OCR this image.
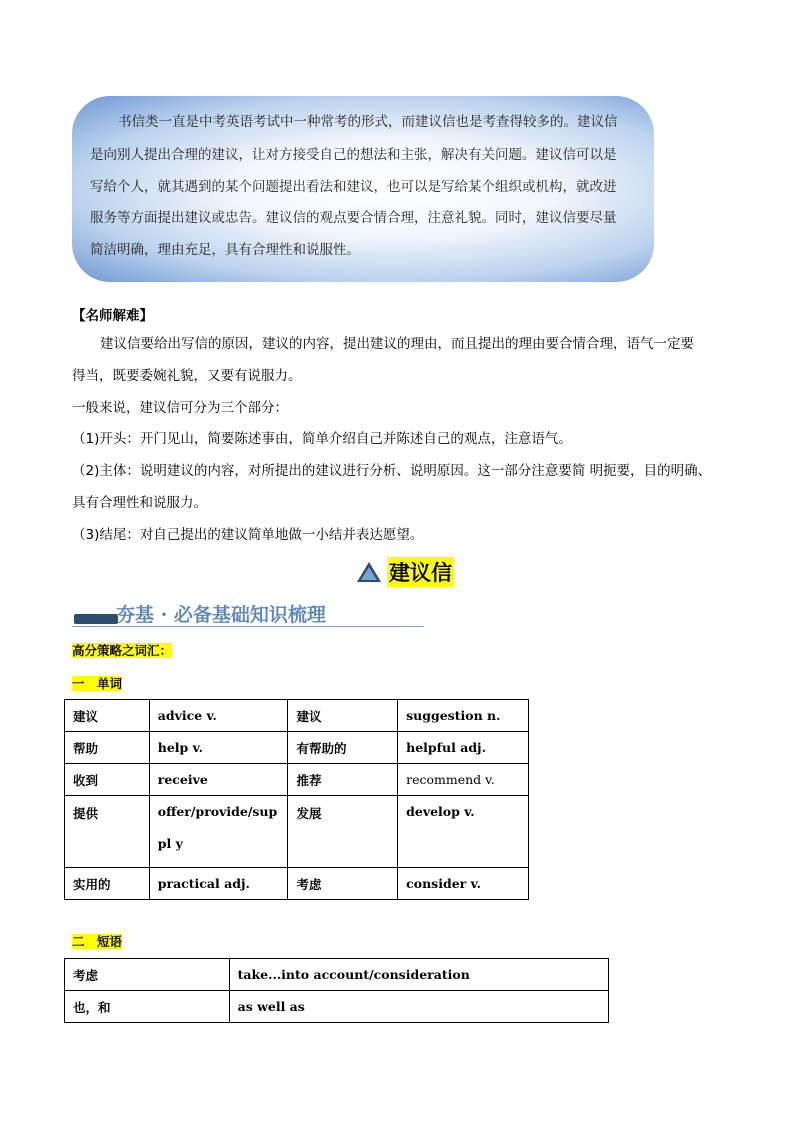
书信类一直是中考英语考试中一种常考的形式，而建议信也是考查得较多的。建议信
是向别人提出合理的建议，让对方接受自己的想法和主张，解决有关问题。建议信可以是
写给个人，就其遇到的某个问题提出看法和建议，也可以是写给某个组织或机构，就改进
服务等方面提出建议或忠告。建议信的观点要合情合理，注意礼貌。同时，建议信要尽量
简洁明确，理由充足，具有合理性和说服性。
【名师解难】
建议信要给出写信的原因，建议的内容，提出建议的理由，而且提出的理由要合情合理，语气一定要
得当，既要委婉礼貌，又要有说服力。
一般来说，建议信可分为三个部分：
（1)开头：开门见山，简要陈述事由，简单介绍自己并陈述自己的观点，注意语气。
（2)主体：说明建议的内容，对所提出的建议进行分析、说明原因。这一部分注意要简 明扼要，目的明确、
具有合理性和说服力。
（3)结尾：对自己提出的建议简单地做一小结并表达愿望。
建议信
夯基 · 必备基础知识梳理
高分策略之词汇：
一　单词
建议	advice v.	建议	suggestion n.
帮助	help v.	有帮助的	helpful adj.
收到	receive	推荐	recommend v.
提供	offer/provide/suppl y	发展	develop v.
实用的	practical adj.	考虑	consider v.
二　短语
考虑	take...into account/consideration
也，和	as well as
